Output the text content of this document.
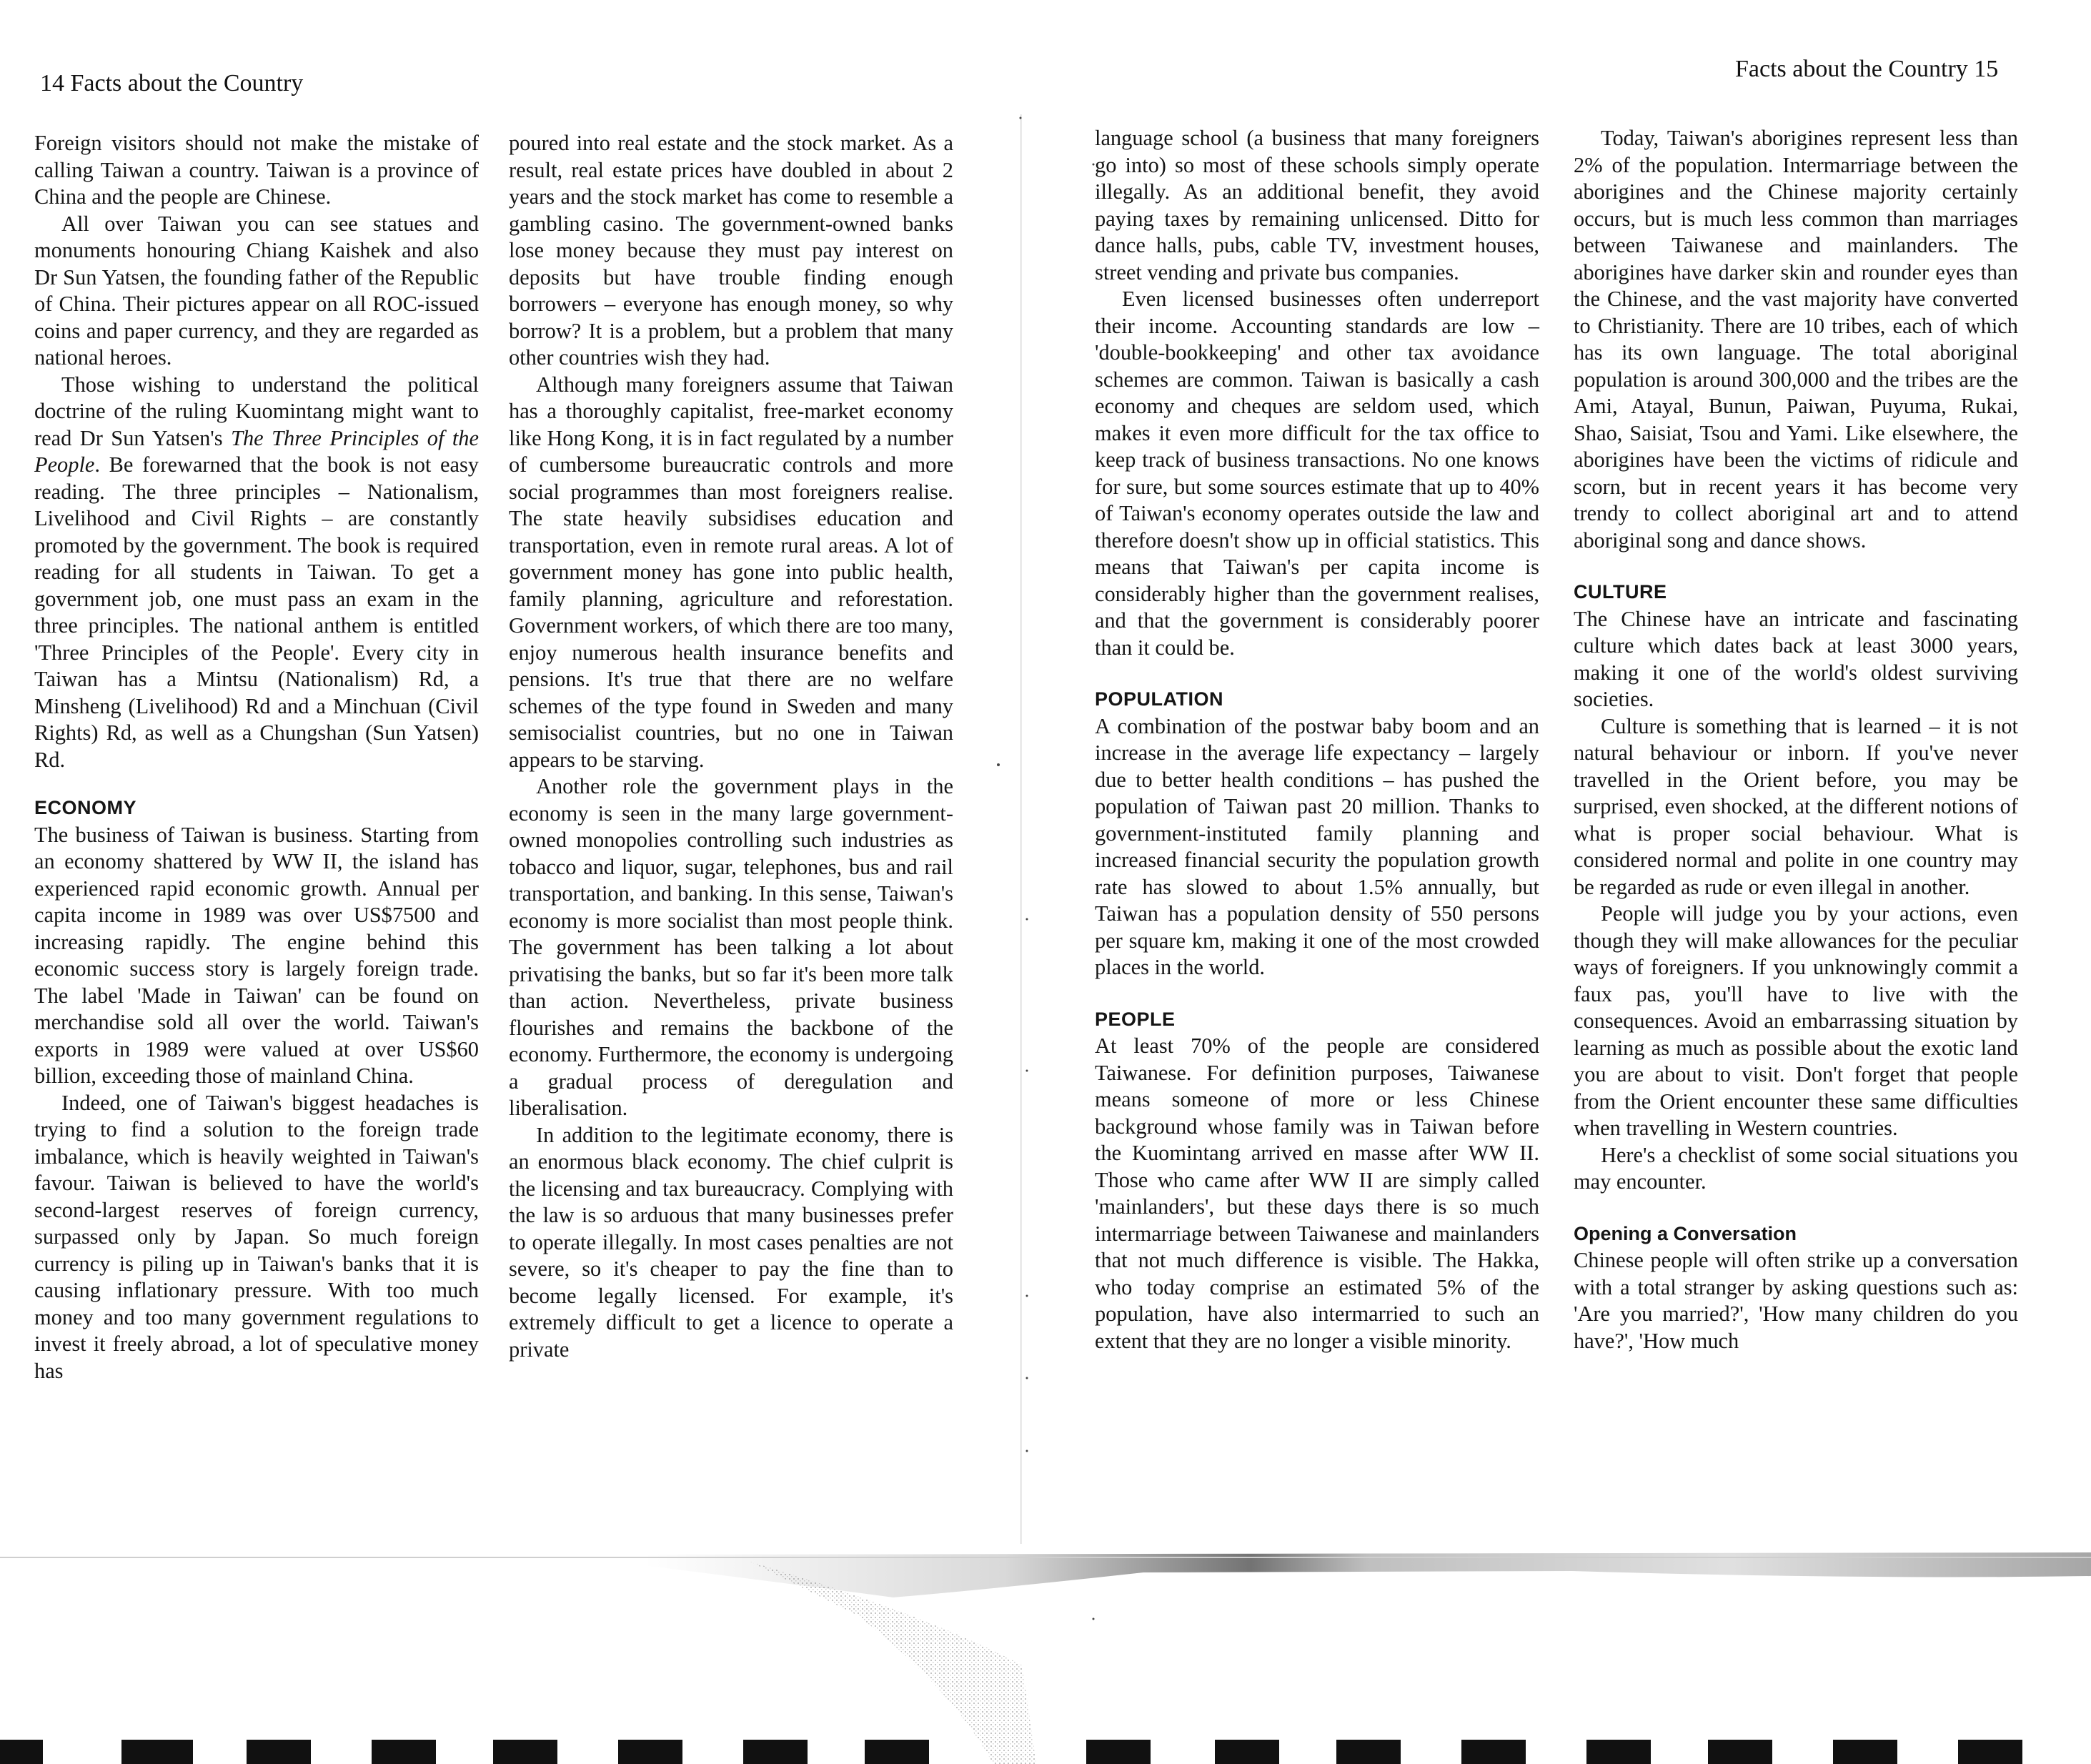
14 Facts about the Country

Foreign visitors should not make the mistake of calling Taiwan a country. Taiwan is a province of China and the people are Chinese.

All over Taiwan you can see statues and monuments honouring Chiang Kaishek and also Dr Sun Yatsen, the founding father of the Republic of China. Their pictures appear on all ROC-issued coins and paper currency, and they are regarded as national heroes.

Those wishing to understand the political doctrine of the ruling Kuomintang might want to read Dr Sun Yatsen's The Three Principles of the People. Be forewarned that the book is not easy reading. The three principles – Nationalism, Livelihood and Civil Rights – are constantly promoted by the government. The book is required reading for all students in Taiwan. To get a government job, one must pass an exam in the three principles. The national anthem is entitled 'Three Principles of the People'. Every city in Taiwan has a Mintsu (Nationalism) Rd, a Minsheng (Livelihood) Rd and a Minchuan (Civil Rights) Rd, as well as a Chungshan (Sun Yatsen) Rd.

ECONOMY

The business of Taiwan is business. Starting from an economy shattered by WW II, the island has experienced rapid economic growth. Annual per capita income in 1989 was over US$7500 and increasing rapidly. The engine behind this economic success story is largely foreign trade. The label 'Made in Taiwan' can be found on merchandise sold all over the world. Taiwan's exports in 1989 were valued at over US$60 billion, exceeding those of mainland China.

Indeed, one of Taiwan's biggest headaches is trying to find a solution to the foreign trade imbalance, which is heavily weighted in Taiwan's favour. Taiwan is believed to have the world's second-largest reserves of foreign currency, surpassed only by Japan. So much foreign currency is piling up in Taiwan's banks that it is causing inflationary pressure. With too much money and too many government regulations to invest it freely abroad, a lot of speculative money has

poured into real estate and the stock market. As a result, real estate prices have doubled in about 2 years and the stock market has come to resemble a gambling casino. The government-owned banks lose money because they must pay interest on deposits but have trouble finding enough borrowers – everyone has enough money, so why borrow? It is a problem, but a problem that many other countries wish they had.

Although many foreigners assume that Taiwan has a thoroughly capitalist, free-market economy like Hong Kong, it is in fact regulated by a number of cumbersome bureaucratic controls and more social programmes than most foreigners realise. The state heavily subsidises education and transportation, even in remote rural areas. A lot of government money has gone into public health, family planning, agriculture and reforestation. Government workers, of which there are too many, enjoy numerous health insurance benefits and pensions. It's true that there are no welfare schemes of the type found in Sweden and many semisocialist countries, but no one in Taiwan appears to be starving.

Another role the government plays in the economy is seen in the many large government-owned monopolies controlling such industries as tobacco and liquor, sugar, telephones, bus and rail transportation, and banking. In this sense, Taiwan's economy is more socialist than most people think. The government has been talking a lot about privatising the banks, but so far it's been more talk than action. Nevertheless, private business flourishes and remains the backbone of the economy. Furthermore, the economy is undergoing a gradual process of deregulation and liberalisation.

In addition to the legitimate economy, there is an enormous black economy. The chief culprit is the licensing and tax bureaucracy. Complying with the law is so arduous that many businesses prefer to operate illegally. In most cases penalties are not severe, so it's cheaper to pay the fine than to become legally licensed. For example, it's extremely difficult to get a licence to operate a private

Facts about the Country 15

language school (a business that many foreigners go into) so most of these schools simply operate illegally. As an additional benefit, they avoid paying taxes by remaining unlicensed. Ditto for dance halls, pubs, cable TV, investment houses, street vending and private bus companies.

Even licensed businesses often underreport their income. Accounting standards are low – 'double-bookkeeping' and other tax avoidance schemes are common. Taiwan is basically a cash economy and cheques are seldom used, which makes it even more difficult for the tax office to keep track of business transactions. No one knows for sure, but some sources estimate that up to 40% of Taiwan's economy operates outside the law and therefore doesn't show up in official statistics. This means that Taiwan's per capita income is considerably higher than the government realises, and that the government is considerably poorer than it could be.

POPULATION

A combination of the postwar baby boom and an increase in the average life expectancy – largely due to better health conditions – has pushed the population of Taiwan past 20 million. Thanks to government-instituted family planning and increased financial security the population growth rate has slowed to about 1.5% annually, but Taiwan has a population density of 550 persons per square km, making it one of the most crowded places in the world.

PEOPLE

At least 70% of the people are considered Taiwanese. For definition purposes, Taiwanese means someone of more or less Chinese background whose family was in Taiwan before the Kuomintang arrived en masse after WW II. Those who came after WW II are simply called 'mainlanders', but these days there is so much intermarriage between Taiwanese and mainlanders that not much difference is visible. The Hakka, who today comprise an estimated 5% of the population, have also intermarried to such an extent that they are no longer a visible minority.

Today, Taiwan's aborigines represent less than 2% of the population. Intermarriage between the aborigines and the Chinese majority certainly occurs, but is much less common than marriages between Taiwanese and mainlanders. The aborigines have darker skin and rounder eyes than the Chinese, and the vast majority have converted to Christianity. There are 10 tribes, each of which has its own language. The total aboriginal population is around 300,000 and the tribes are the Ami, Atayal, Bunun, Paiwan, Puyuma, Rukai, Shao, Saisiat, Tsou and Yami. Like elsewhere, the aborigines have been the victims of ridicule and scorn, but in recent years it has become very trendy to collect aboriginal art and to attend aboriginal song and dance shows.

CULTURE

The Chinese have an intricate and fascinating culture which dates back at least 3000 years, making it one of the world's oldest surviving societies.

Culture is something that is learned – it is not natural behaviour or inborn. If you've never travelled in the Orient before, you may be surprised, even shocked, at the different notions of what is proper social behaviour. What is considered normal and polite in one country may be regarded as rude or even illegal in another.

People will judge you by your actions, even though they will make allowances for the peculiar ways of foreigners. If you unknowingly commit a faux pas, you'll have to live with the consequences. Avoid an embarrassing situation by learning as much as possible about the exotic land you are about to visit. Don't forget that people from the Orient encounter these same difficulties when travelling in Western countries.

Here's a checklist of some social situations you may encounter.

Opening a Conversation

Chinese people will often strike up a conversation with a total stranger by asking questions such as: 'Are you married?', 'How many children do you have?', 'How much
